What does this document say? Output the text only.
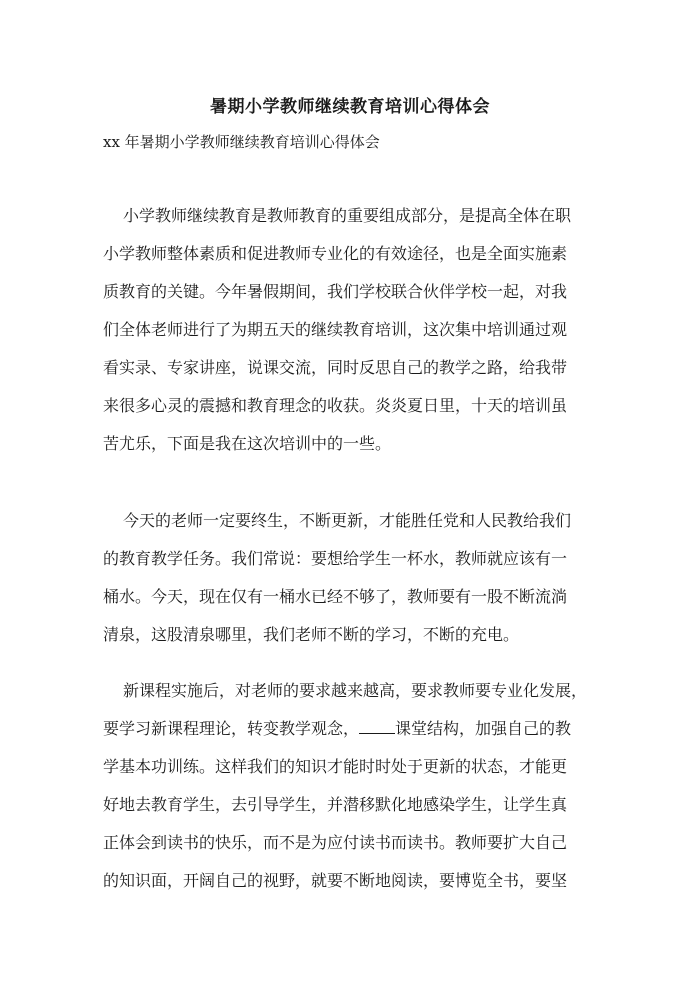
暑期小学教师继续教育培训心得体会
xx 年暑期小学教师继续教育培训心得体会
小学教师继续教育是教师教育的重要组成部分，是提高全体在职
小学教师整体素质和促进教师专业化的有效途径，也是全面实施素
质教育的关键。今年暑假期间，我们学校联合伙伴学校一起，对我
们全体老师进行了为期五天的继续教育培训，这次集中培训通过观
看实录、专家讲座，说课交流，同时反思自己的教学之路，给我带
来很多心灵的震撼和教育理念的收获。炎炎夏日里，十天的培训虽
苦尤乐，下面是我在这次培训中的一些。
今天的老师一定要终生，不断更新，才能胜任党和人民教给我们
的教育教学任务。我们常说：要想给学生一杯水，教师就应该有一
桶水。今天，现在仅有一桶水已经不够了，教师要有一股不断流淌
清泉，这股清泉哪里，我们老师不断的学习，不断的充电。
新课程实施后，对老师的要求越来越高，要求教师要专业化发展，
要学习新课程理论，转变教学观念， 课堂结构，加强自己的教
学基本功训练。这样我们的知识才能时时处于更新的状态，才能更
好地去教育学生，去引导学生，并潜移默化地感染学生，让学生真
正体会到读书的快乐，而不是为应付读书而读书。教师要扩大自己
的知识面，开阔自己的视野，就要不断地阅读，要博览全书，要坚
